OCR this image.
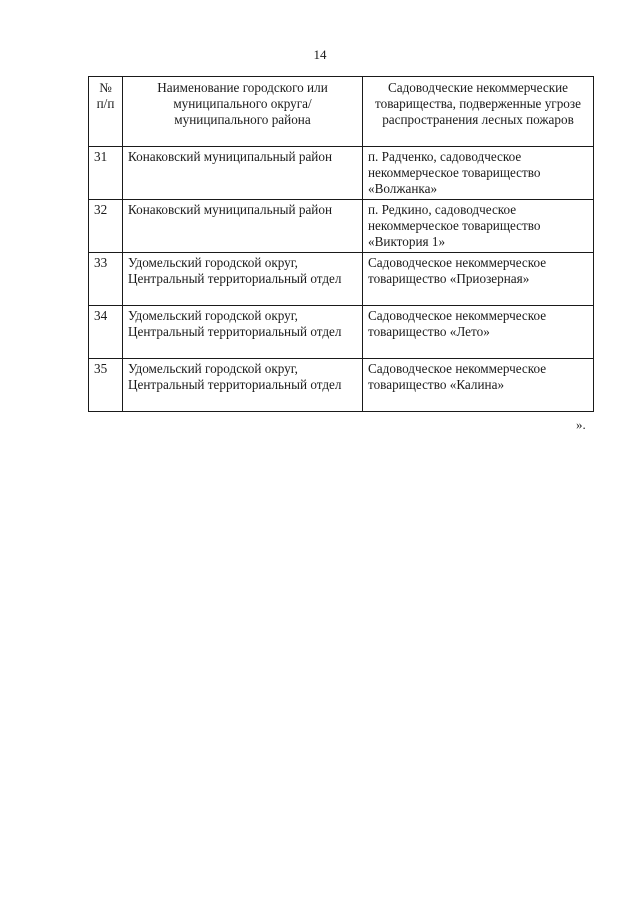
14
№ п/п	Наименование городского или муниципального округа/муниципального района	Садоводческие некоммерческие товарищества, подверженные угрозе распространения лесных пожаров
31	Конаковский муниципальный район	п. Радченко, садоводческое некоммерческое товарищество «Волжанка»
32	Конаковский муниципальный район	п. Редкино, садоводческое некоммерческое товарищество «Виктория 1»
33	Удомельский городской округ, Центральный территориальный отдел	Садоводческое некоммерческое товарищество «Приозерная»
34	Удомельский городской округ, Центральный территориальный отдел	Садоводческое некоммерческое товарищество «Лето»
35	Удомельский городской округ, Центральный территориальный отдел	Садоводческое некоммерческое товарищество «Калина»
».
